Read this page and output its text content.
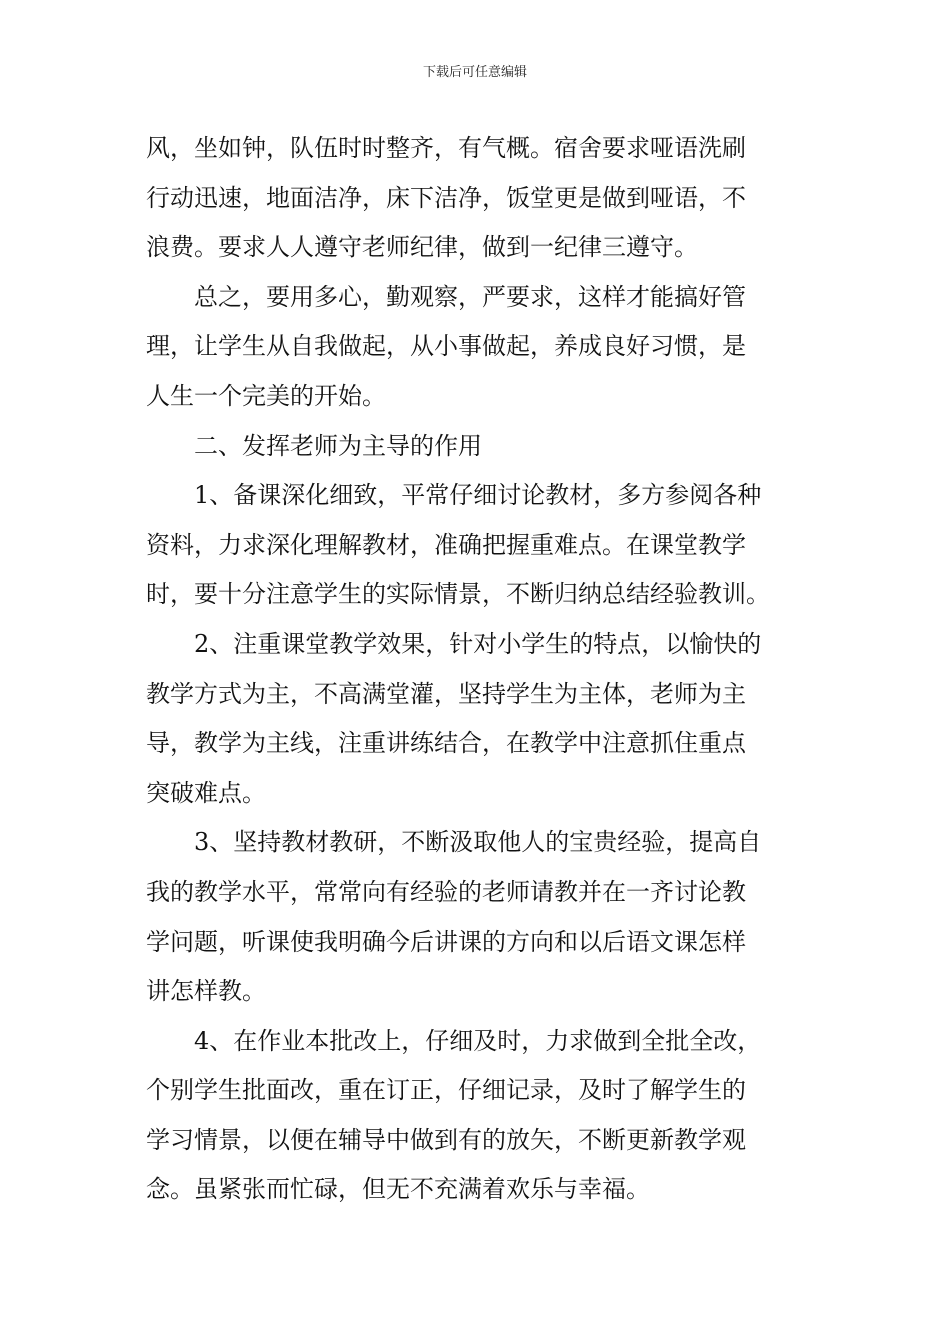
下载后可任意编辑
风，坐如钟，队伍时时整齐，有气概。宿舍要求哑语洗刷
行动迅速，地面洁净，床下洁净，饭堂更是做到哑语，不
浪费。要求人人遵守老师纪律，做到一纪律三遵守。
总之，要用多心，勤观察，严要求，这样才能搞好管
理，让学生从自我做起，从小事做起，养成良好习惯，是
人生一个完美的开始。
二、发挥老师为主导的作用
1、备课深化细致，平常仔细讨论教材，多方参阅各种
资料，力求深化理解教材，准确把握重难点。在课堂教学
时，要十分注意学生的实际情景，不断归纳总结经验教训。
2、注重课堂教学效果，针对小学生的特点，以愉快的
教学方式为主，不高满堂灌，坚持学生为主体，老师为主
导，教学为主线，注重讲练结合，在教学中注意抓住重点
突破难点。
3、坚持教材教研，不断汲取他人的宝贵经验，提高自
我的教学水平，常常向有经验的老师请教并在一齐讨论教
学问题，听课使我明确今后讲课的方向和以后语文课怎样
讲怎样教。
4、在作业本批改上，仔细及时，力求做到全批全改，
个别学生批面改，重在订正，仔细记录，及时了解学生的
学习情景，以便在辅导中做到有的放矢，不断更新教学观
念。虽紧张而忙碌，但无不充满着欢乐与幸福。
